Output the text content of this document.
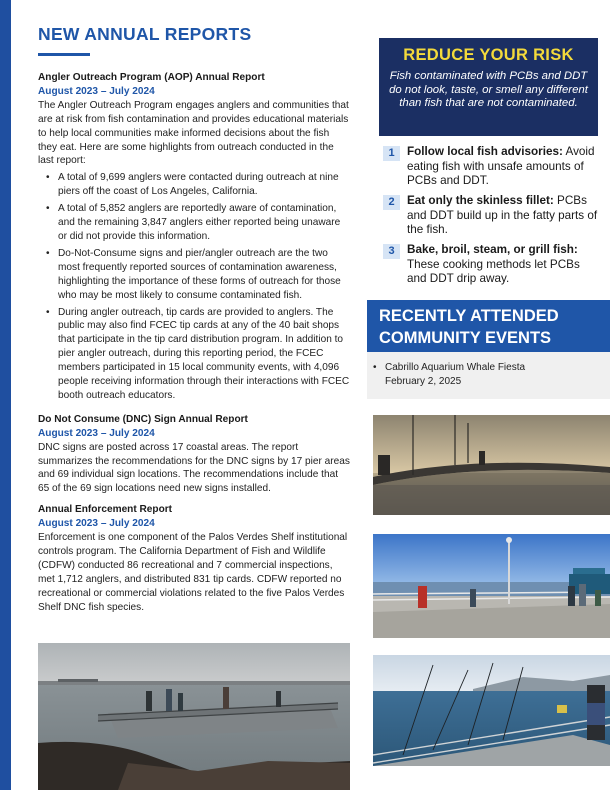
NEW ANNUAL REPORTS
Angler Outreach Program (AOP) Annual Report
August 2023 – July 2024

The Angler Outreach Program engages anglers and communities that are at risk from fish contamination and provides educational materials to help local communities make informed decisions about the fish they eat. Here are some highlights from outreach conducted in the last report:

• A total of 9,699 anglers were contacted during outreach at nine piers off the coast of Los Angeles, California.
• A total of 5,852 anglers are reportedly aware of contamination, and the remaining 3,847 anglers either reported being unaware or did not provide this information.
• Do-Not-Consume signs and pier/angler outreach are the two most frequently reported sources of contamination awareness, highlighting the importance of these forms of outreach for those who may be most likely to consume contaminated fish.
• During angler outreach, tip cards are provided to anglers. The public may also find FCEC tip cards at any of the 40 bait shops that participate in the tip card distribution program. In addition to pier angler outreach, during this reporting period, the FCEC members participated in 15 local community events, with 4,096 people receiving information through their interactions with FCEC booth outreach educators.
Do Not Consume (DNC) Sign Annual Report
August 2023 – July 2024

DNC signs are posted across 17 coastal areas. The report summarizes the recommendations for the DNC signs by 17 pier areas and 69 individual sign locations. The recommendations include that 65 of the 69 sign locations need new signs installed.

Annual Enforcement Report
August 2023 – July 2024

Enforcement is one component of the Palos Verdes Shelf institutional controls program. The California Department of Fish and Wildlife (CDFW) conducted 86 recreational and 7 commercial inspections, met 1,712 anglers, and distributed 831 tip cards. CDFW reported no recreational or commercial violations related to the five Palos Verdes Shelf DNC fish species.

REDUCE YOUR RISK
Fish contaminated with PCBs and DDT do not look, taste, or smell any different than fish that are not contaminated.
1	Follow local fish advisories: Avoid eating fish with unsafe amounts of PCBs and DDT.
2	Eat only the skinless fillet: PCBs and DDT build up in the fatty parts of the fish.
3	Bake, broil, steam, or grill fish: These cooking methods let PCBs and DDT drip away.
RECENTLY ATTENDED
COMMUNITY EVENTS
• Cabrillo Aquarium Whale Fiesta
February 2, 2025
